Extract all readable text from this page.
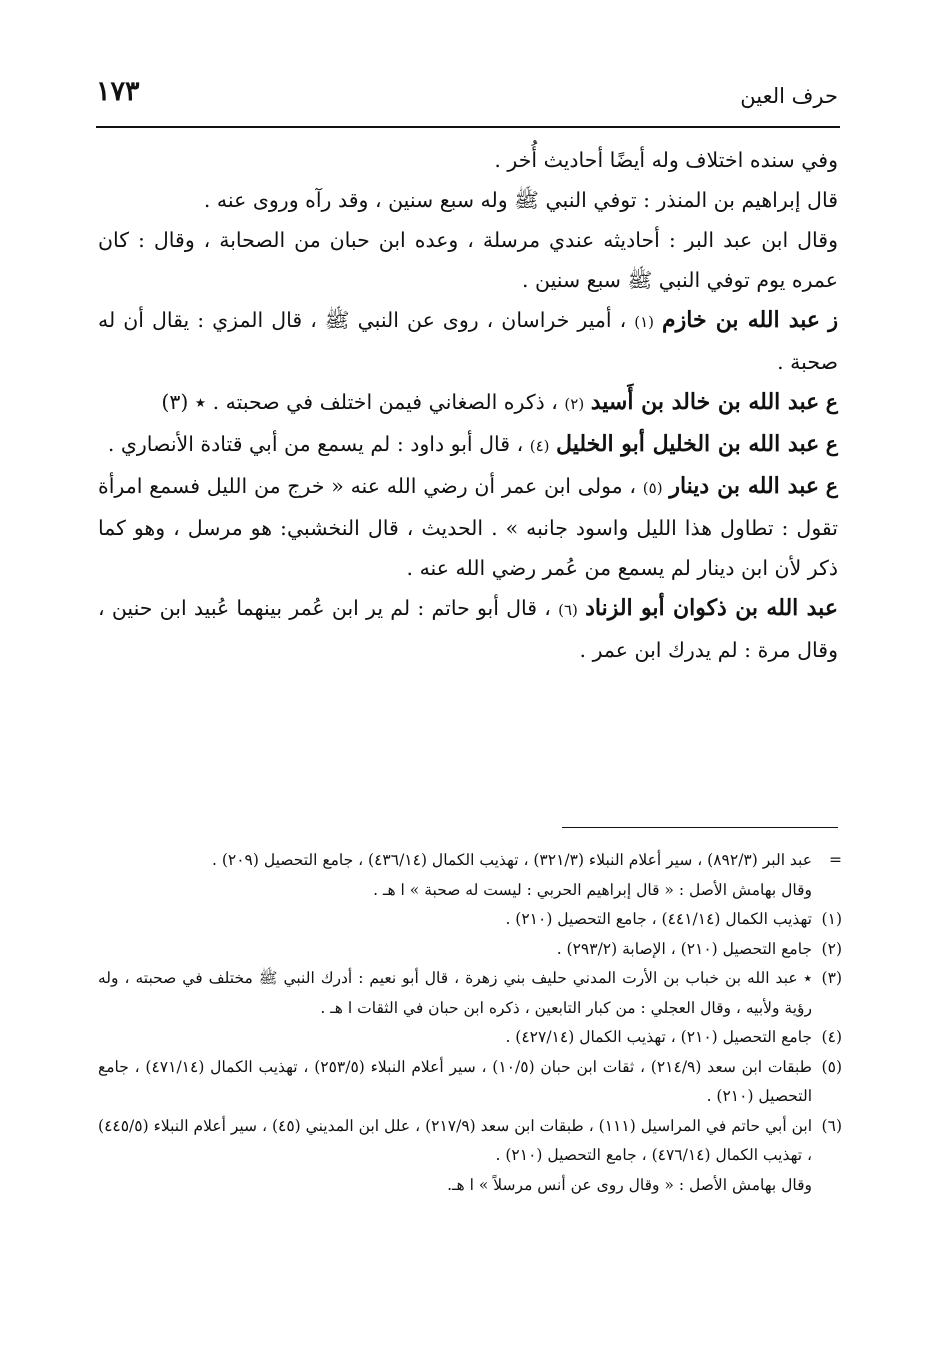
حرف العين
١٧٣

وفي سنده اختلاف وله أيضًا أحاديث أُخر .

قال إبراهيم بن المنذر : توفي النبي ﷺ وله سبع سنين ، وقد رآه وروى عنه .

وقال ابن عبد البر : أحاديثه عندي مرسلة ، وعده ابن حبان من الصحابة ، وقال : كان عمره يوم توفي النبي ﷺ سبع سنين .

ز عبد الله بن خازم (١) ، أمير خراسان ، روى عن النبي ﷺ ، قال المزي : يقال أن له صحبة .

ع عبد الله بن خالد بن أَسيد (٢) ، ذكره الصغاني فيمن اختلف في صحبته . ٭ (٣)

ع عبد الله بن الخليل أبو الخليل (٤) ، قال أبو داود : لم يسمع من أبي قتادة الأنصاري .

ع عبد الله بن دينار (٥) ، مولى ابن عمر أن رضي الله عنه « خرج من الليل فسمع امرأة تقول : تطاول هذا الليل واسود جانبه » . الحديث ، قال النخشبي: هو مرسل ، وهو كما ذكر لأن ابن دينار لم يسمع من عُمر رضي الله عنه .

عبد الله بن ذكوان أبو الزناد (٦) ، قال أبو حاتم : لم ير ابن عُمر بينهما عُبيد ابن حنين ، وقال مرة : لم يدرك ابن عمر .

=عبد البر (٨٩٢/٣) ، سير أعلام النبلاء (٣٢١/٣) ، تهذيب الكمال (٤٣٦/١٤) ، جامع التحصيل (٢٠٩) .

وقال بهامش الأصل : « قال إبراهيم الحربي : ليست له صحبة » ا هـ .

(١)تهذيب الكمال (٤٤١/١٤) ، جامع التحصيل (٢١٠) .

(٢)جامع التحصيل (٢١٠) ، الإصابة (٢٩٣/٢) .

(٣)٭ عبد الله بن خباب بن الأرت المدني حليف بني زهرة ، قال أبو نعيم : أدرك النبي ﷺ مختلف في صحبته ، وله رؤية ولأبيه ، وقال العجلي : من كبار التابعين ، ذكره ابن حبان في الثقات ا هـ .

(٤)جامع التحصيل (٢١٠) ، تهذيب الكمال (٤٢٧/١٤) .

(٥)طبقات ابن سعد (٢١٤/٩) ، ثقات ابن حبان (١٠/٥) ، سير أعلام النبلاء (٢٥٣/٥) ، تهذيب الكمال (٤٧١/١٤) ، جامع التحصيل (٢١٠) .

(٦)ابن أبي حاتم في المراسيل (١١١) ، طبقات ابن سعد (٢١٧/٩) ، علل ابن المديني (٤٥) ، سير أعلام النبلاء (٤٤٥/٥) ، تهذيب الكمال (٤٧٦/١٤) ، جامع التحصيل (٢١٠) .

وقال بهامش الأصل : « وقال روى عن أنس مرسلاً » ا هـ.
